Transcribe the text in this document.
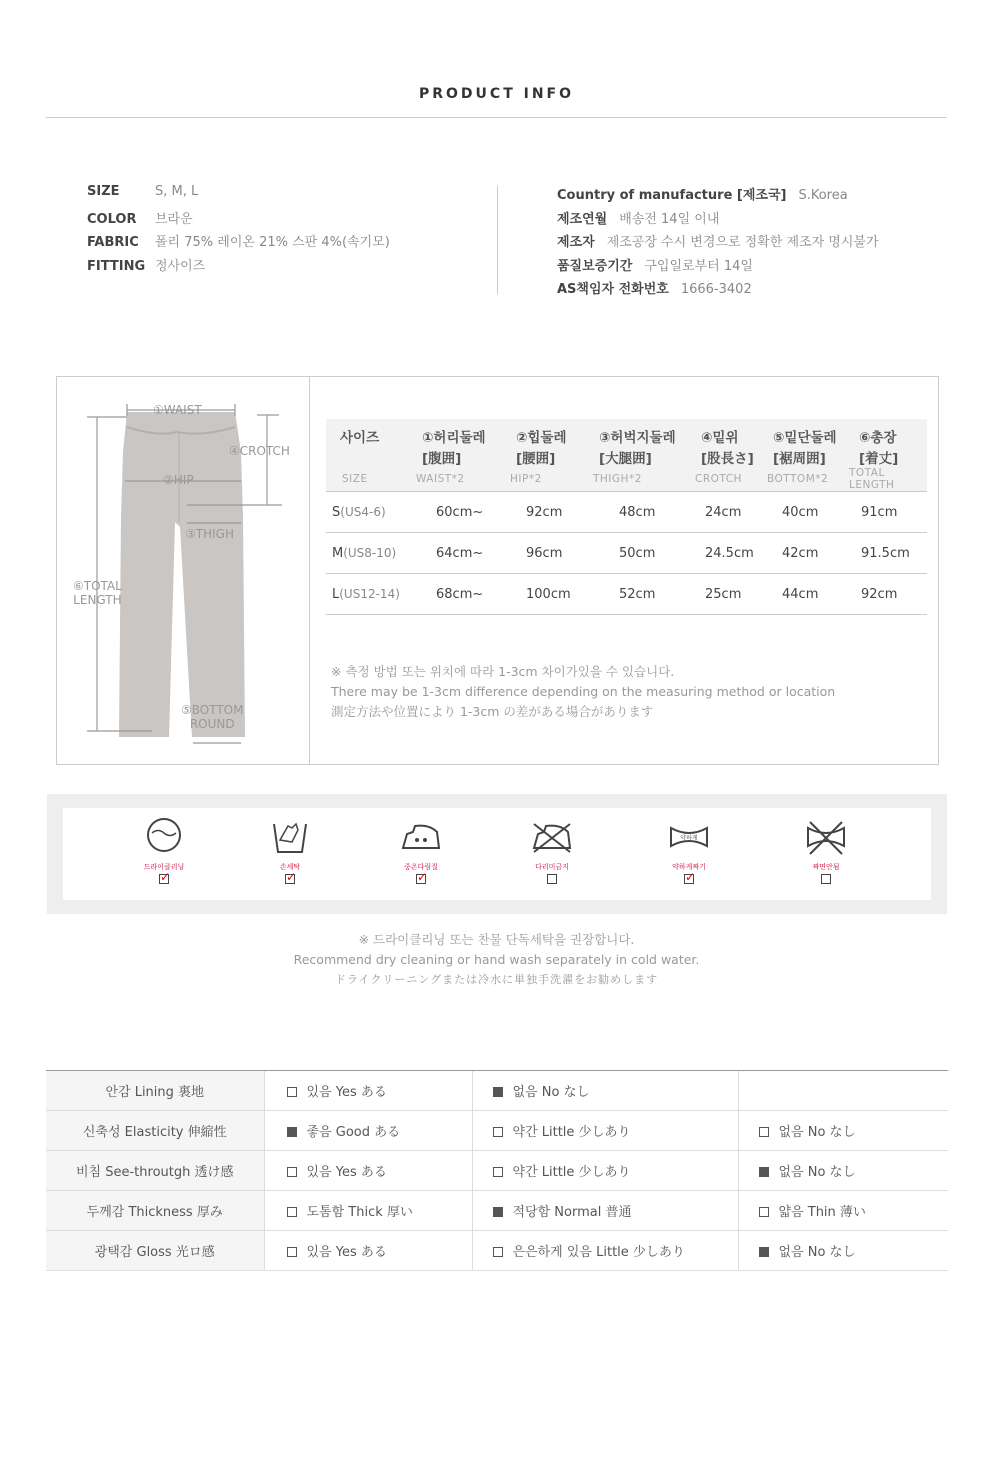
PRODUCT INFO
SIZE	S, M, L
COLOR 브라운
FABRIC 폴리 75% 레이온 21% 스판 4%(속기모)
FITTING 정사이즈
Country of manufacture [제조국] S.Korea
제조연월 배송전 14일 이내
제조자 제조공장 수시 변경으로 정확한 제조자 명시불가
품질보증기간 구입일로부터 14일
AS책임자 전화번호 1666-3402
①WAIST
④CROTCH
②HIP
③THIGH
⑥TOTAL
LENGTH
⑤BOTTOM
ROUND
사이즈	①허리둘레	②힙둘레	③허벅지둘레	④밑위	⑤밑단둘레	⑥총장
	[腹囲]	[腰囲]	[大腿囲]	[股長さ]	[裾周囲]	[着丈]
SIZE	WAIST*2	HIP*2	THIGH*2	CROTCH	BOTTOM*2	TOTAL LENGTH
S(US4-6)	60cm~	92cm	48cm	24cm	40cm	91cm
M(US8-10)	64cm~	96cm	50cm	24.5cm	42cm	91.5cm
L(US12-14)	68cm~	100cm	52cm	25cm	44cm	92cm
※ 측정 방법 또는 위치에 따라 1-3cm 차이가있을 수 있습니다.
There may be 1-3cm difference depending on the measuring method or location
測定方法や位置により 1-3cm の差がある場合があります
드라이클리닝
✓	손세탁
✓	중온다림질
✓	다리미금지
약하게
약하게짜기
✓	짜면안됨
※ 드라이클리닝 또는 찬물 단독세탁을 권장합니다.
Recommend dry cleaning or hand wash separately in cold water.
ドライクリーニングまたは冷水に単独手洗濯をお勧めします
안감 Lining 裏地	있음 Yes ある	없음 No なし	
신축성 Elasticity 伸縮性	좋음 Good ある	약간 Little 少しあり	없음 No なし
비침 See-throutgh 透け感	있음 Yes ある	약간 Little 少しあり	없음 No なし
두께감 Thickness 厚み	도톰함 Thick 厚い	적당함 Normal 普通	얇음 Thin 薄い
광택감 Gloss 光ロ感	있음 Yes ある	은은하게 있음 Little 少しあり	없음 No なし
